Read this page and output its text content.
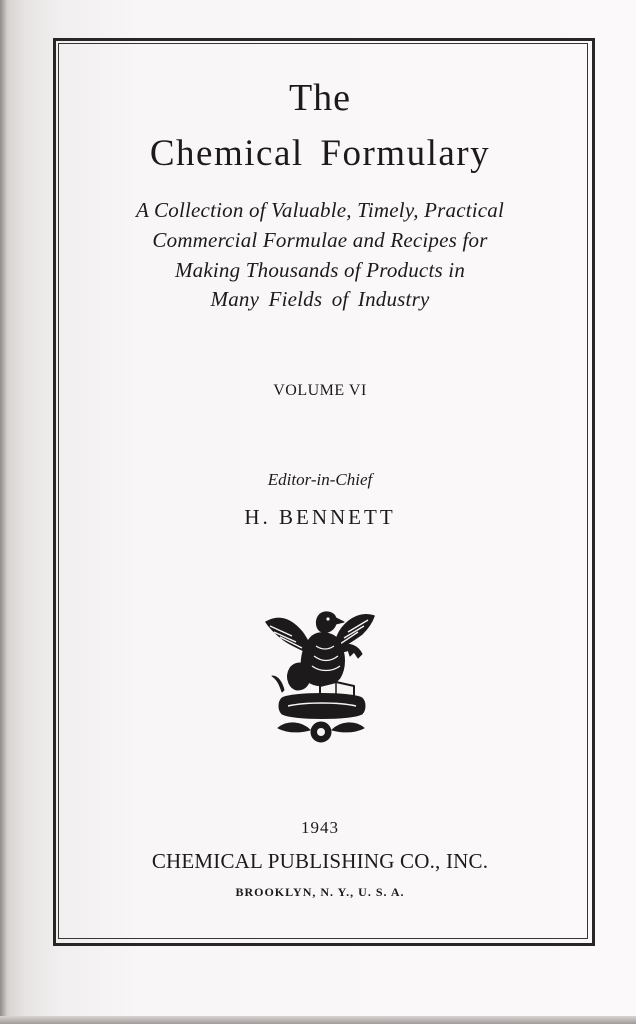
The
Chemical Formulary
A Collection of Valuable, Timely, Practical
Commercial Formulae and Recipes for
Making Thousands of Products in
Many Fields of Industry
VOLUME VI
Editor-in-Chief
H. BENNETT
1943
CHEMICAL PUBLISHING CO., INC.
BROOKLYN, N. Y., U. S. A.
